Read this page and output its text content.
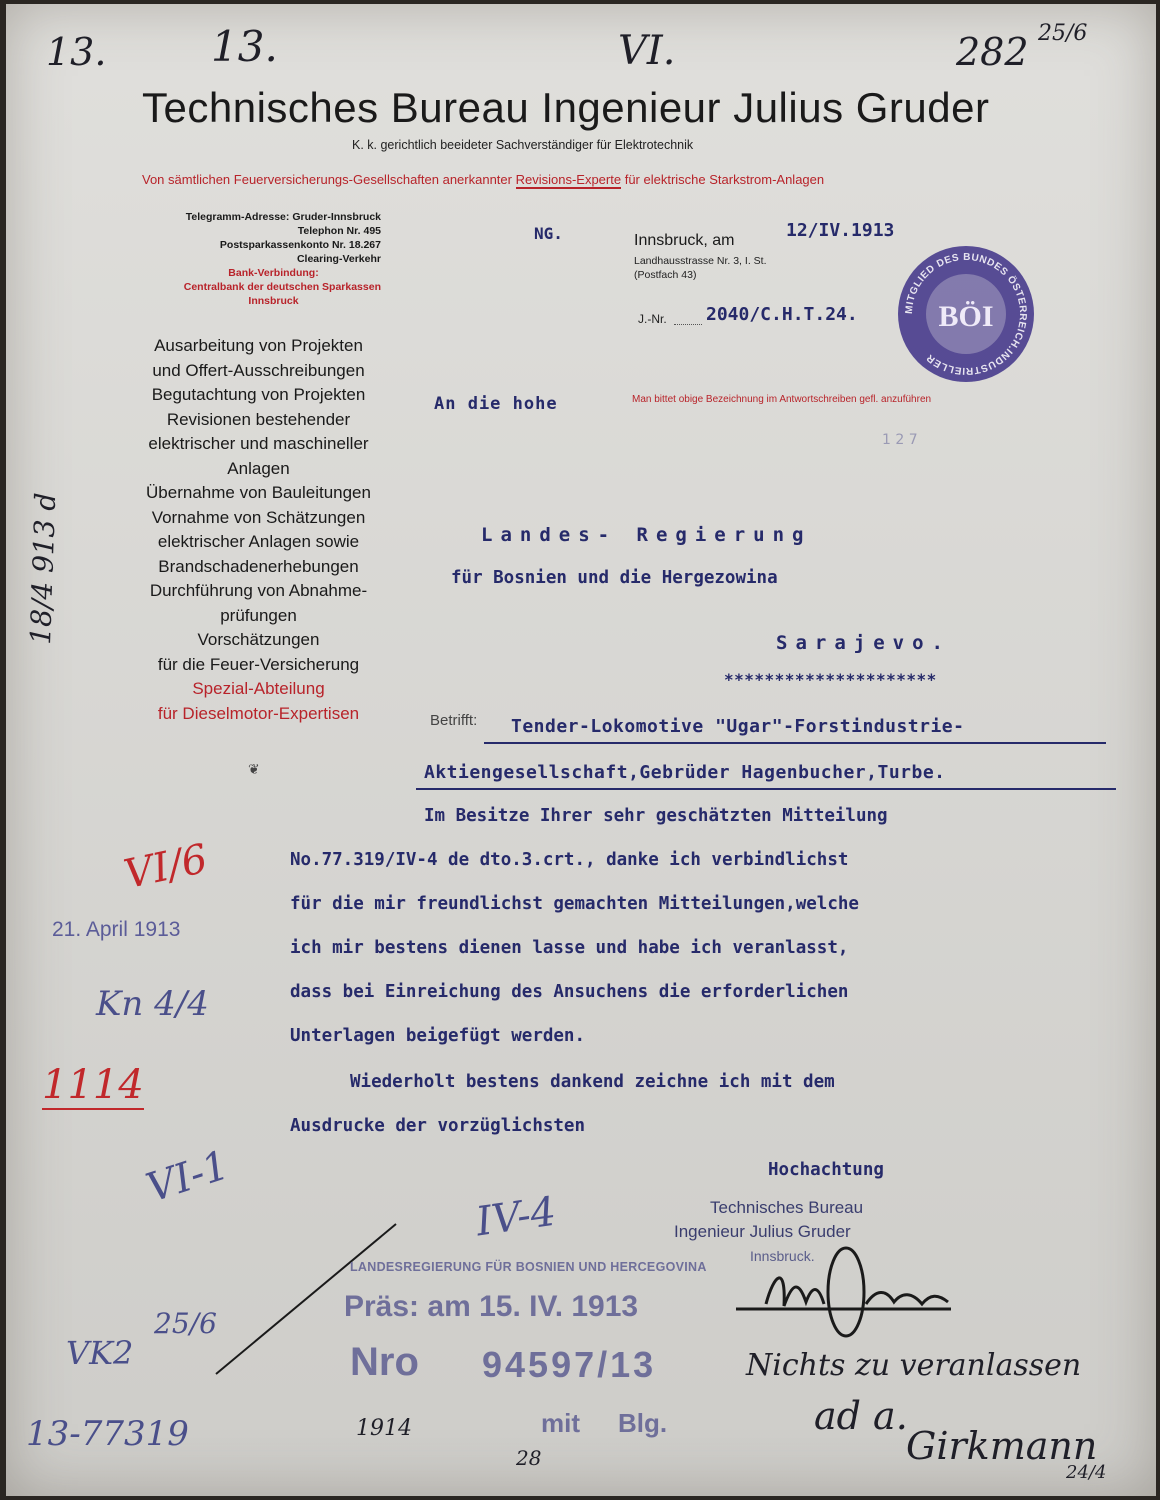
13. 13.	VI.	282 25/6
Technisches Bureau Ingenieur Julius Gruder
K. k. gerichtlich beeideter Sachverständiger für Elektrotechnik
Von sämtlichen Feuerversicherungs-Gesellschaften anerkannter Revisions-Experte für elektrische Starkstrom-Anlagen
Telegramm-Adresse: Gruder-Innsbruck
Telephon Nr. 495
Postsparkassenkonto Nr. 18.267
Clearing-Verkehr
Bank-Verbindung:
Centralbank der deutschen Sparkassen
Innsbruck
Ausarbeitung von Projekten
und Offert-Ausschreibungen
Begutachtung von Projekten
Revisionen bestehender
elektrischer und maschineller
Anlagen
Übernahme von Bauleitungen
Vornahme von Schätzungen
elektrischer Anlagen sowie
Brandschadenerhebungen
Durchführung von Abnahme-
prüfungen
Vorschätzungen
für die Feuer-Versicherung
Spezial-Abteilung
für Dieselmotor-Expertisen
❦
NG.	Innsbruck, am	12/IV.1913
Landhausstrasse Nr. 3, I. St.
(Postfach 43)
J.-Nr. 2040/C.H.T.24.
Man bittet obige Bezeichnung im Antwortschreiben gefl. anzuführen
MITGLIED DES BUNDES ÖSTERREICH.INDUSTRIELLER
BÖI
An die hohe
1 2 7
Landes- Regierung
für Bosnien und die Hergezowina
Sarajevo.
*********************
Betrifft: Tender-Lokomotive "Ugar"-Forstindustrie-
Aktiengesellschaft,Gebrüder Hagenbucher,Turbe.
Im Besitze Ihrer sehr geschätzten Mitteilung
No.77.319/IV-4 de dto.3.crt., danke ich verbindlichst
für die mir freundlichst gemachten Mitteilungen,welche
ich mir bestens dienen lasse und habe ich veranlasst,
dass bei Einreichung des Ansuchens die erforderlichen
Unterlagen beigefügt werden.
Wiederholt bestens dankend zeichne ich mit dem
Ausdrucke der vorzüglichsten
Hochachtung
Technisches Bureau
Ingenieur Julius Gruder
Innsbruck.
18/4 913 d
VI/6
21. April 1913
Kn 4/4
1114
VI-1
IV-4
VK2
25/6
13-77319	1914
28
LANDESREGIERUNG FÜR BOSNIEN UND HERCEGOVINA
Präs: am 15. IV. 1913
Nro 94597/13
mit Blg.
Nichts zu veranlassen
ad a.
Girkmann
24/4
